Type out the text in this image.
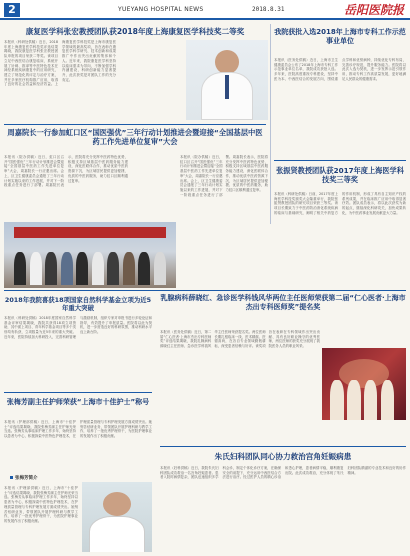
2	YUEYANG HOSPITAL NEWS	2018.8.31	岳阳医院报
康复医学科张宏教授团队获2018年度上海康复医学科技奖二等奖
本报讯（科研处供稿）近日，2018年度上海康复医学科技奖评选结果揭晓，我院康复医学科张宏教授团队申报的项目荣获二等奖。该项目立足中西医结合康复临床，系统开展了针刺、推拿等中医特色技术在神经系统疾病康复中的应用研究，建立了规范化的评定与治疗方案，并在多家医疗机构推广应用，取得了良好的社会效益和经济效益。上海康复医学科技奖是上海市康复医学领域的最高奖项，旨在表彰在康复医学科学研究、技术创新和成果推广中作出突出贡献的集体和个人。近年来，我院康复医学科坚持以临床需求为导向，不断加强学科内涵建设，科研创新能力显著提升，此次获奖是对团队工作的充分肯定。
我院获批入选2018年上海市专科工作示范事业单位
本报讯（医务处供稿）近日，上海市卫生健康委员会公布了2018年上海市专科工作示范事业单位名单，我院成功获批入选。多年来，医院高度重视专科建设，坚持中医为本、中西医结合的发展方向，围绕重点学科和优势病种，持续优化专科布局，完善诊疗规范，提升服务能力。医院将以此次入选为契机，进一步发挥示范引领作用，推动专科工作高质量发展，更好地满足人民群众的健康需求。
周嘉院长一行参加虹口区“国医强优”三年行动计划推进会暨迎接“全国基层中医药工作先进单位复审”大会
本报讯（院办供稿）近日，虹口区召开“国医强优”三年行动计划推进会暨迎接“全国基层中医药工作先进单位复审”大会，周嘉院长一行应邀出席。会上，区卫生健康委员会通报了三年行动计划实施以来的工作进展，并对下一阶段重点任务进行了部署。周嘉院长表示，医院将充分发挥中医药特色优势，积极支持区域基层中医药服务能力建设，深化医联体合作，推动优质中医药资源下沉，为区域居民提供更加便捷、优质的中医药服务，助力虹口区顺利通过复审。
本报讯（院办供稿）近日，虹口区召开“国医强优”三年行动计划推进会暨迎接“全国基层中医药工作先进单位复审”大会，周嘉院长一行应邀出席。会上，区卫生健康委员会通报了三年行动计划实施以来的工作进展，并对下一阶段重点任务进行了部署。周嘉院长表示，医院将充分发挥中医药特色优势，积极支持区域基层中医药服务能力建设，深化医联体合作，推动优质中医药资源下沉，为区域居民提供更加便捷、优质的中医药服务，助力虹口区顺利通过复审。
张振贤教授团队获2017年度上海医学科技奖三等奖
本报讯（科研处供稿）日前，2017年度上海医学科技奖颁奖大会隆重举行，我院张振贤教授团队的研究项目荣获三等奖。该项目长期致力于中医药防治消化系统疾病的临床与基础研究，阐明了相关中药复方的作用机制，形成了具有自主知识产权的系列成果，并在临床推广应用中取得显著疗效。团队成员表示，将以此次获奖为新的起点，继续深化科研攻关，加快成果转化，为中医药事业发展贡献更大力量。
2018年我院喜获18项国家自然科学基金立项为近5年重大突破
本报讯（科研处供稿）2018年度国家自然科学基金评审结果揭晓，我院共获得18项立项资助，其中面上项目、青年科学基金项目等多个类别均有斩获，立项数量为近5年来的重大突破。近年来，医院持续加大科研投入，完善科研管理与激励机制，组织专家对申报书进行多轮论证和指导，有效提升了申报质量。医院将以此为契机，进一步营造良好的科研氛围，推动科研水平迈上新台阶。
乳腺病科薛晓红、急诊医学科钱风华两位主任医师荣获第二届“仁心医者·上海市杰出专科医师奖”提名奖
本报讯（医务处供稿）近日，第二届“仁心医者·上海市杰出专科医师奖”评选结果揭晓，我院乳腺病科薛晓红主任医师、急诊医学科钱风华主任医师荣获提名奖。两位医师长期扎根临床一线，医术精湛、医德高尚，在各自专业领域勤勉耕耘，深受患者信赖与好评。该奖项旨在表彰在专科领域作出突出贡献、具有良好职业操守的优秀医师，两位医师的获奖充分展现了我院医务人员的职业风采。
张梅芳副主任护师荣获“上海市十佳护士”称号
本报讯（护理部供稿）近日，上海市“十佳护士”评选结果揭晓，我院张梅芳副主任护师光荣当选。张梅芳从事临床护理工作多年，始终坚持以患者为中心，积极探索中医特色护理技术，在护理质量管理与专科护理发展方面成绩突出。她刻苦钻研业务，带领团队开展护理科研与教学工作，培养了一批优秀护理骨干，为医院护理事业的发展作出了积极贡献。
张梅芳简介
本报讯（护理部供稿）近日，上海市“十佳护士”评选结果揭晓，我院张梅芳副主任护师光荣当选。张梅芳从事临床护理工作多年，始终坚持以患者为中心，积极探索中医特色护理技术，在护理质量管理与专科护理发展方面成绩突出。她刻苦钻研业务，带领团队开展护理科研与教学工作，培养了一批优秀护理骨干，为医院护理事业的发展作出了积极贡献。
朱氏妇科团队同心协力救治宫角妊娠病患
本报讯（妇科供稿）近日，我院朱氏妇科团队成功救治一名宫角妊娠患者。患者入院时病情复杂，团队迅速组织多学科会诊，制定个体化诊疗方案，在确保安全的前提下，充分运用中西医结合方法进行治疗。经过医护人员的精心诊治和悉心护理，患者病情平稳，顺利康复出院。此次成功救治，充分体现了朱氏妇科团队精湛的专业技术和良好的协作精神。
